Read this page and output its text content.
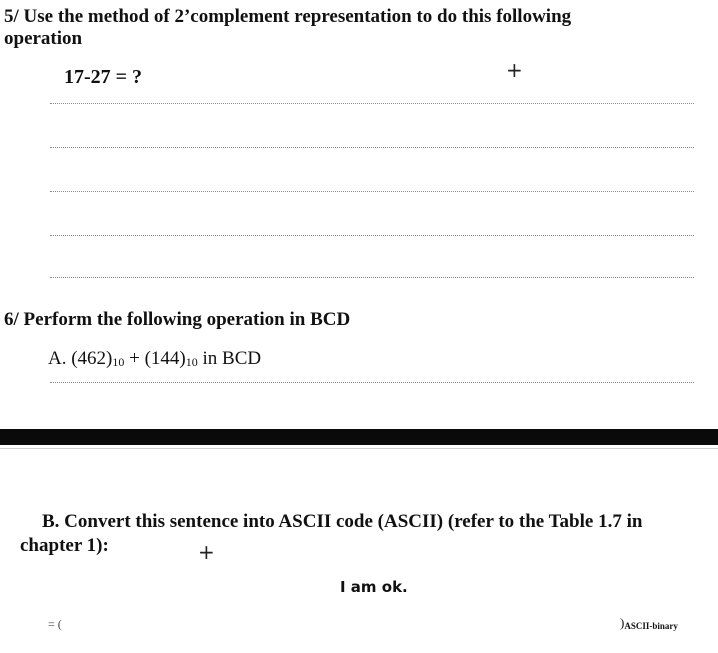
5/ Use the method of 2’complement representation to do this following operation
17-27 = ?	+
6/ Perform the following operation in BCD
A. $(462)_{10} + (144)_{10}$ in BCD
B. Convert this sentence into ASCII code (ASCII) (refer to the Table 1.7 in
chapter 1):	+
I am ok.
= (	)$_{ASCII-binary}$
